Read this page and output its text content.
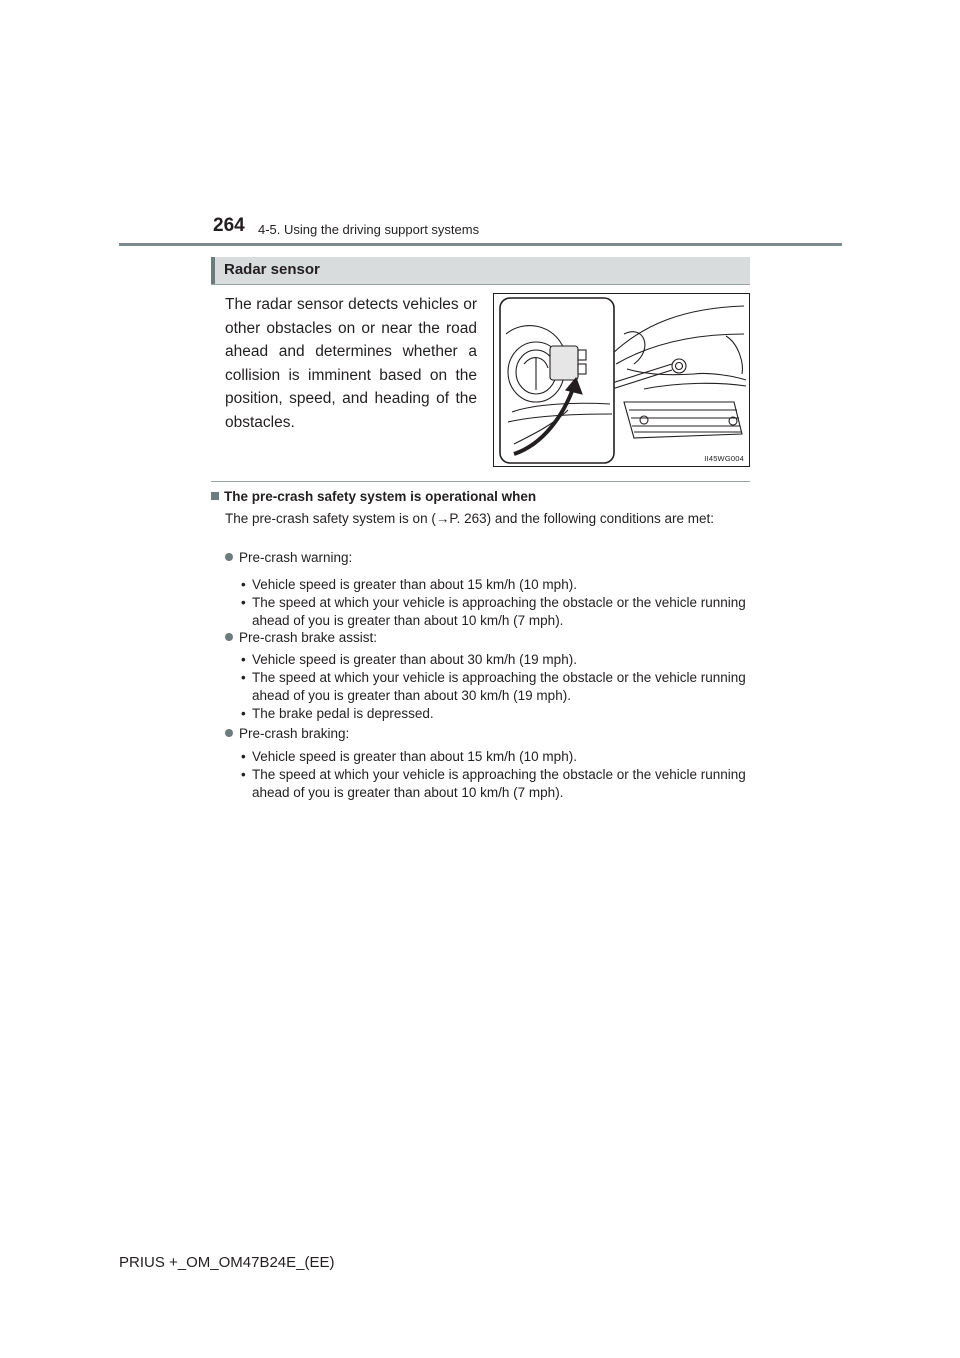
264 4-5. Using the driving support systems
Radar sensor
The radar sensor detects vehicles or other obstacles on or near the road ahead and determines whether a collision is imminent based on the position, speed, and heading of the obstacles.
II45WG004
The pre-crash safety system is operational when
The pre-crash safety system is on (→P. 263) and the following conditions are met:
Pre-crash warning:
• Vehicle speed is greater than about 15 km/h (10 mph).
• The speed at which your vehicle is approaching the obstacle or the vehicle running ahead of you is greater than about 10 km/h (7 mph).
Pre-crash brake assist:
• Vehicle speed is greater than about 30 km/h (19 mph).
• The speed at which your vehicle is approaching the obstacle or the vehicle running ahead of you is greater than about 30 km/h (19 mph).
• The brake pedal is depressed.
Pre-crash braking:
• Vehicle speed is greater than about 15 km/h (10 mph).
• The speed at which your vehicle is approaching the obstacle or the vehicle running ahead of you is greater than about 10 km/h (7 mph).
PRIUS +_OM_OM47B24E_(EE)
